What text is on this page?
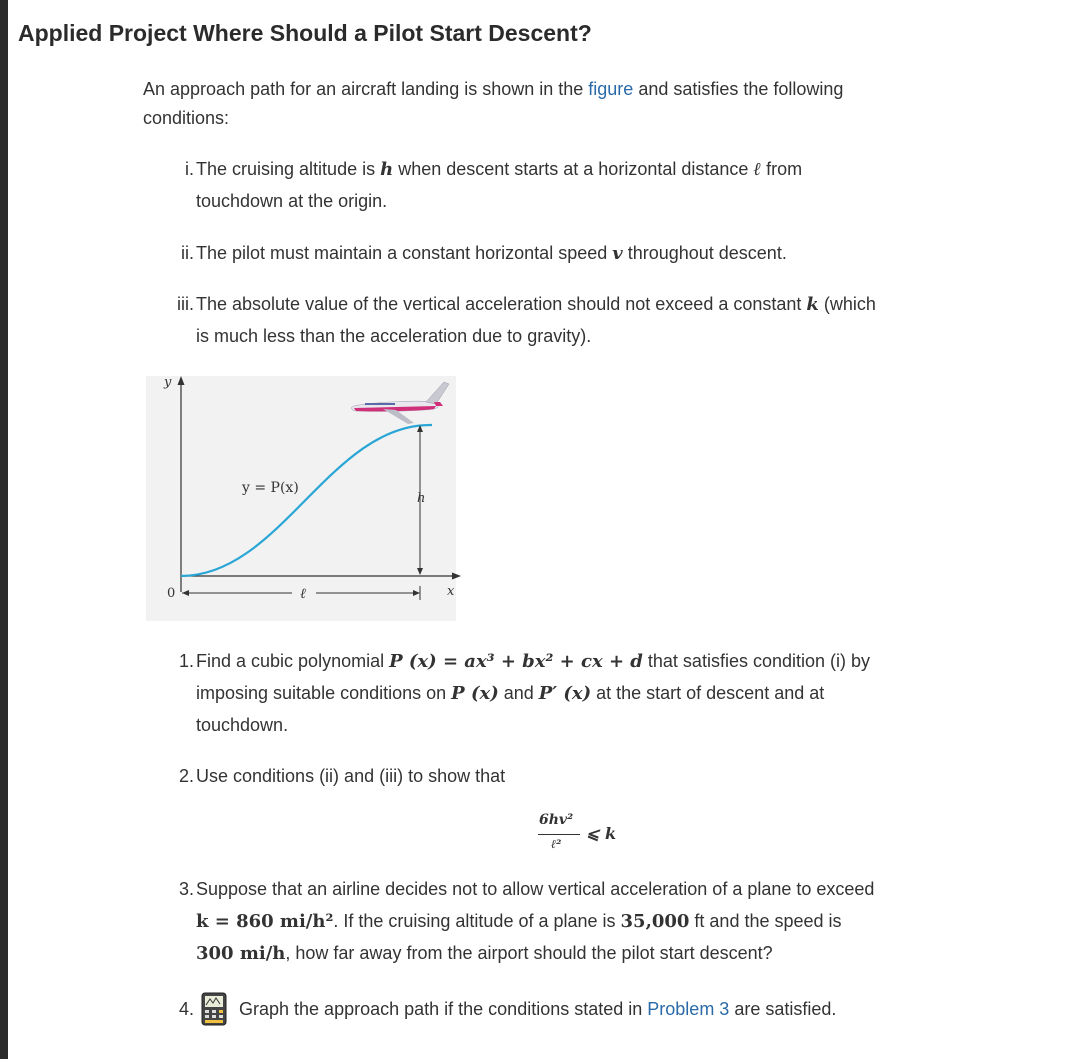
Applied Project Where Should a Pilot Start Descent?
An approach path for an aircraft landing is shown in the figure and satisfies the following
conditions:
i. The cruising altitude is h when descent starts at a horizontal distance ℓ from
touchdown at the origin.
ii. The pilot must maintain a constant horizontal speed v throughout descent.
iii. The absolute value of the vertical acceleration should not exceed a constant k (which
is much less than the acceleration due to gravity).
y
x
0
y = P(x)
h
ℓ
1. Find a cubic polynomial P (x) = ax³ + bx² + cx + d that satisfies condition (i) by
imposing suitable conditions on P (x) and P′ (x) at the start of descent and at
touchdown.
2. Use conditions (ii) and (iii) to show that
6hv²
ℓ²
⩽ k
3. Suppose that an airline decides not to allow vertical acceleration of a plane to exceed
k = 860 mi/h². If the cruising altitude of a plane is 35,000 ft and the speed is
300 mi/h, how far away from the airport should the pilot start descent?
4.	Graph the approach path if the conditions stated in Problem 3 are satisfied.
